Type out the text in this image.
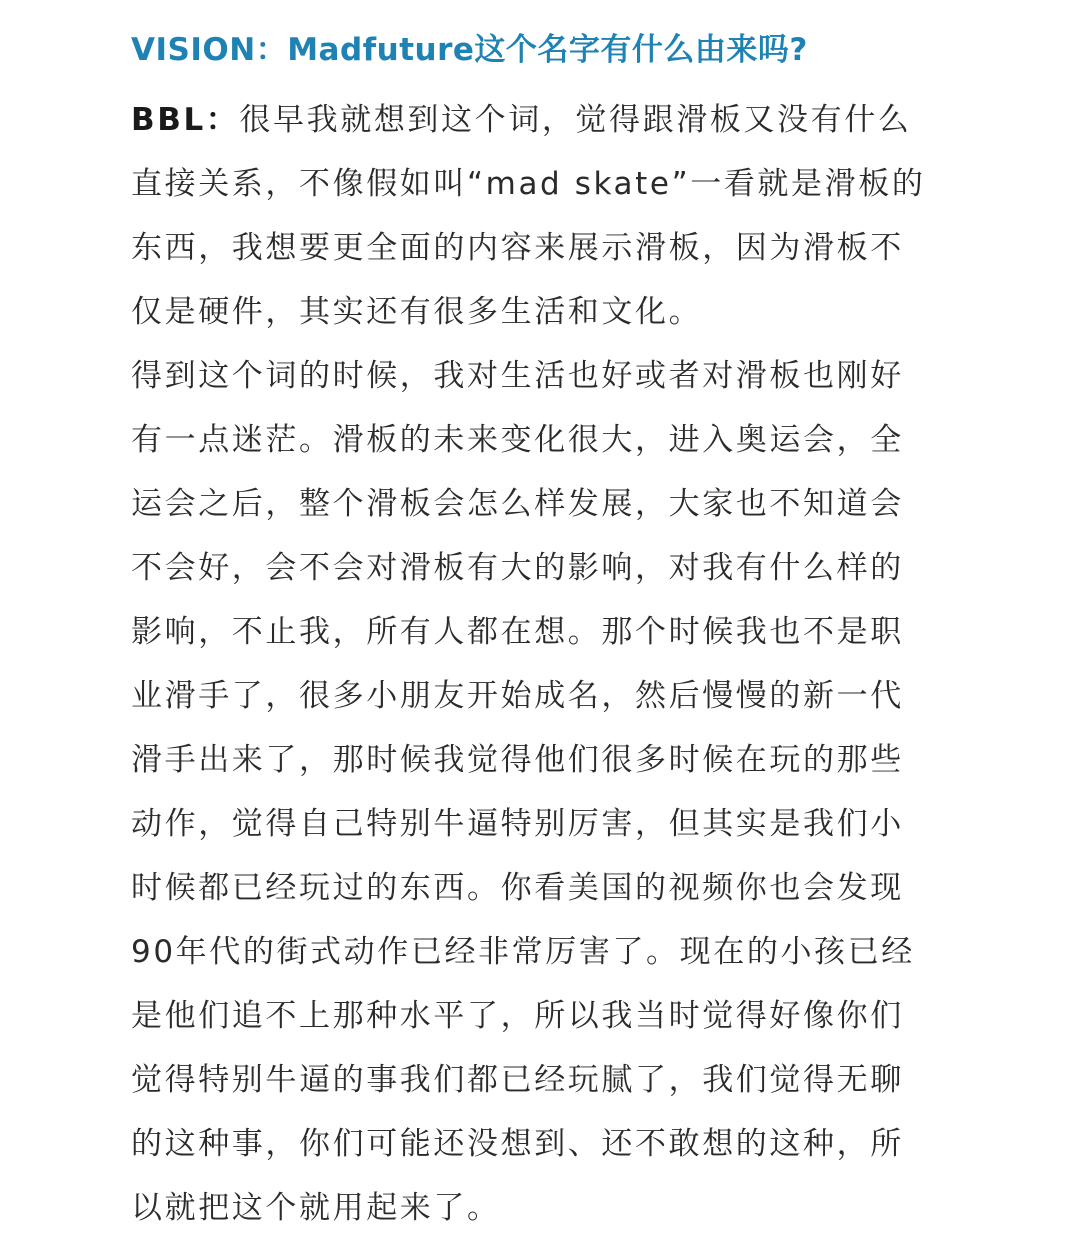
VISION：Madfuture这个名字有什么由来吗?

BBL：很早我就想到这个词，觉得跟滑板又没有什么
直接关系，不像假如叫“mad skate”一看就是滑板的
东西，我想要更全面的内容来展示滑板，因为滑板不
仅是硬件，其实还有很多生活和文化。
得到这个词的时候，我对生活也好或者对滑板也刚好
有一点迷茫。滑板的未来变化很大，进入奥运会，全
运会之后，整个滑板会怎么样发展，大家也不知道会
不会好，会不会对滑板有大的影响，对我有什么样的
影响，不止我，所有人都在想。那个时候我也不是职
业滑手了，很多小朋友开始成名，然后慢慢的新一代
滑手出来了，那时候我觉得他们很多时候在玩的那些
动作，觉得自己特别牛逼特别厉害，但其实是我们小
时候都已经玩过的东西。你看美国的视频你也会发现
90年代的街式动作已经非常厉害了。现在的小孩已经
是他们追不上那种水平了，所以我当时觉得好像你们
觉得特别牛逼的事我们都已经玩腻了，我们觉得无聊
的这种事，你们可能还没想到、还不敢想的这种，所
以就把这个就用起来了。
